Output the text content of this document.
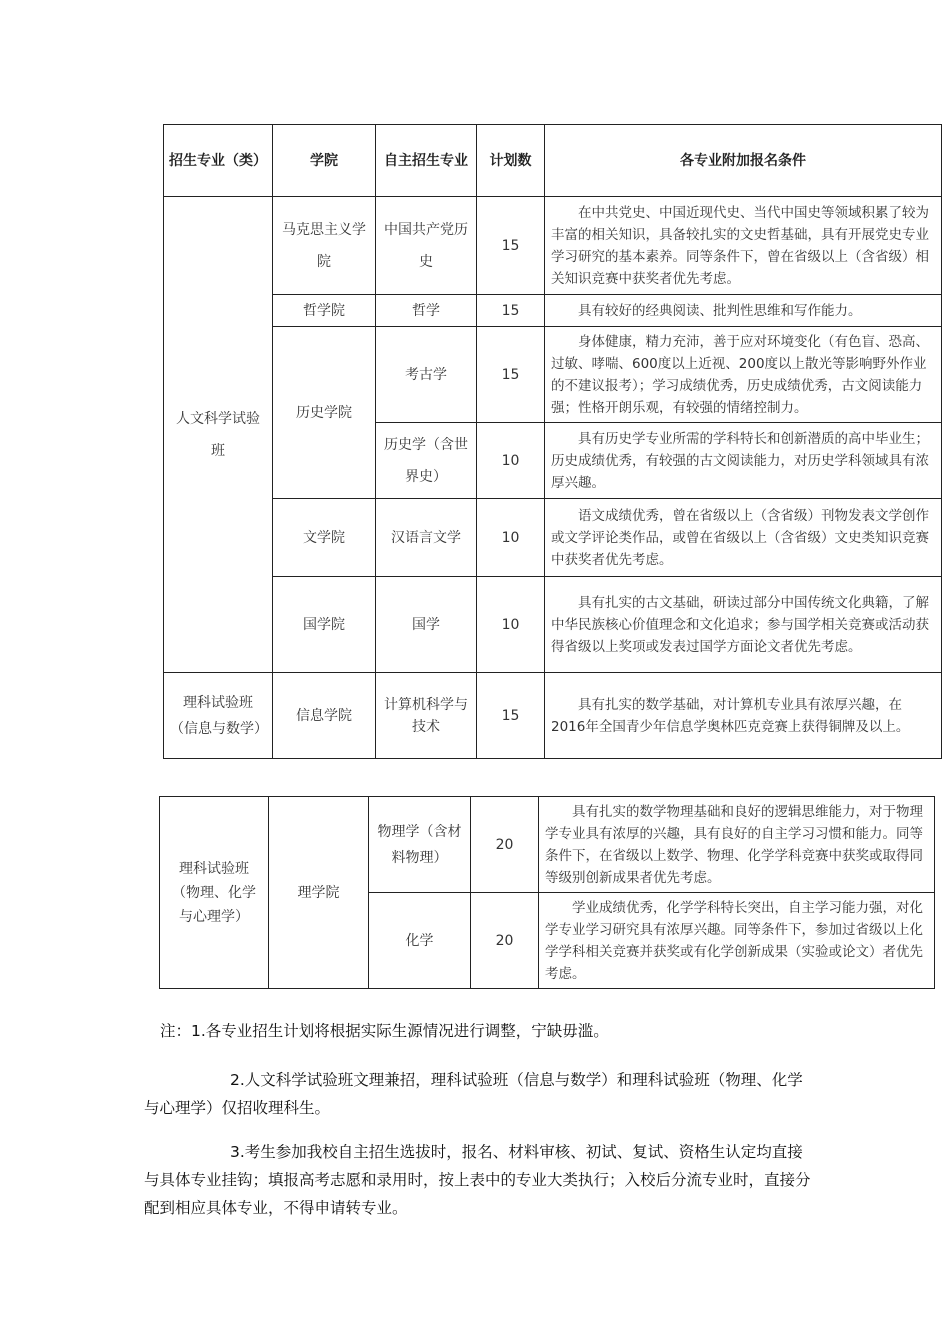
招生专业（类）	学院	自主招生专业	计划数	各专业附加报名条件
人文科学试验班	马克思主义学院	中国共产党历史	15	在中共党史、中国近现代史、当代中国史等领域积累了较为丰富的相关知识，具备较扎实的文史哲基础，具有开展党史专业学习研究的基本素养。同等条件下，曾在省级以上（含省级）相关知识竞赛中获奖者优先考虑。

	哲学院	哲学	15	具有较好的经典阅读、批判性思维和写作能力。

	历史学院	考古学	15	身体健康，精力充沛，善于应对环境变化（有色盲、恐高、过敏、哮喘、600度以上近视、200度以上散光等影响野外作业的不建议报考）；学习成绩优秀，历史成绩优秀，古文阅读能力强；性格开朗乐观，有较强的情绪控制力。

		历史学（含世界史）	10	具有历史学专业所需的学科特长和创新潜质的高中毕业生；历史成绩优秀，有较强的古文阅读能力，对历史学科领域具有浓厚兴趣。

	文学院	汉语言文学	10	语文成绩优秀，曾在省级以上（含省级）刊物发表文学创作或文学评论类作品，或曾在省级以上（含省级）文史类知识竞赛中获奖者优先考虑。

	国学院	国学	10	具有扎实的古文基础，研读过部分中国传统文化典籍，了解中华民族核心价值理念和文化追求；参与国学相关竞赛或活动获得省级以上奖项或发表过国学方面论文者优先考虑。

理科试验班（信息与数学）	信息学院	计算机科学与技术	15	具有扎实的数学基础，对计算机专业具有浓厚兴趣，在2016年全国青少年信息学奥林匹克竞赛上获得铜牌及以上。
理科试验班（物理、化学与心理学）	理学院	物理学（含材料物理）	20	具有扎实的数学物理基础和良好的逻辑思维能力，对于物理学专业具有浓厚的兴趣，具有良好的自主学习习惯和能力。同等条件下，在省级以上数学、物理、化学学科竞赛中获奖或取得同等级别创新成果者优先考虑。

		化学	20	学业成绩优秀，化学学科特长突出，自主学习能力强，对化学专业学习研究具有浓厚兴趣。同等条件下，参加过省级以上化学学科相关竞赛并获奖或有化学创新成果（实验或论文）者优先考虑。
注：1.各专业招生计划将根据实际生源情况进行调整，宁缺毋滥。
2.人文科学试验班文理兼招，理科试验班（信息与数学）和理科试验班（物理、化学与心理学）仅招收理科生。
3.考生参加我校自主招生选拔时，报名、材料审核、初试、复试、资格生认定均直接与具体专业挂钩；填报高考志愿和录用时，按上表中的专业大类执行；入校后分流专业时，直接分配到相应具体专业，不得申请转专业。
